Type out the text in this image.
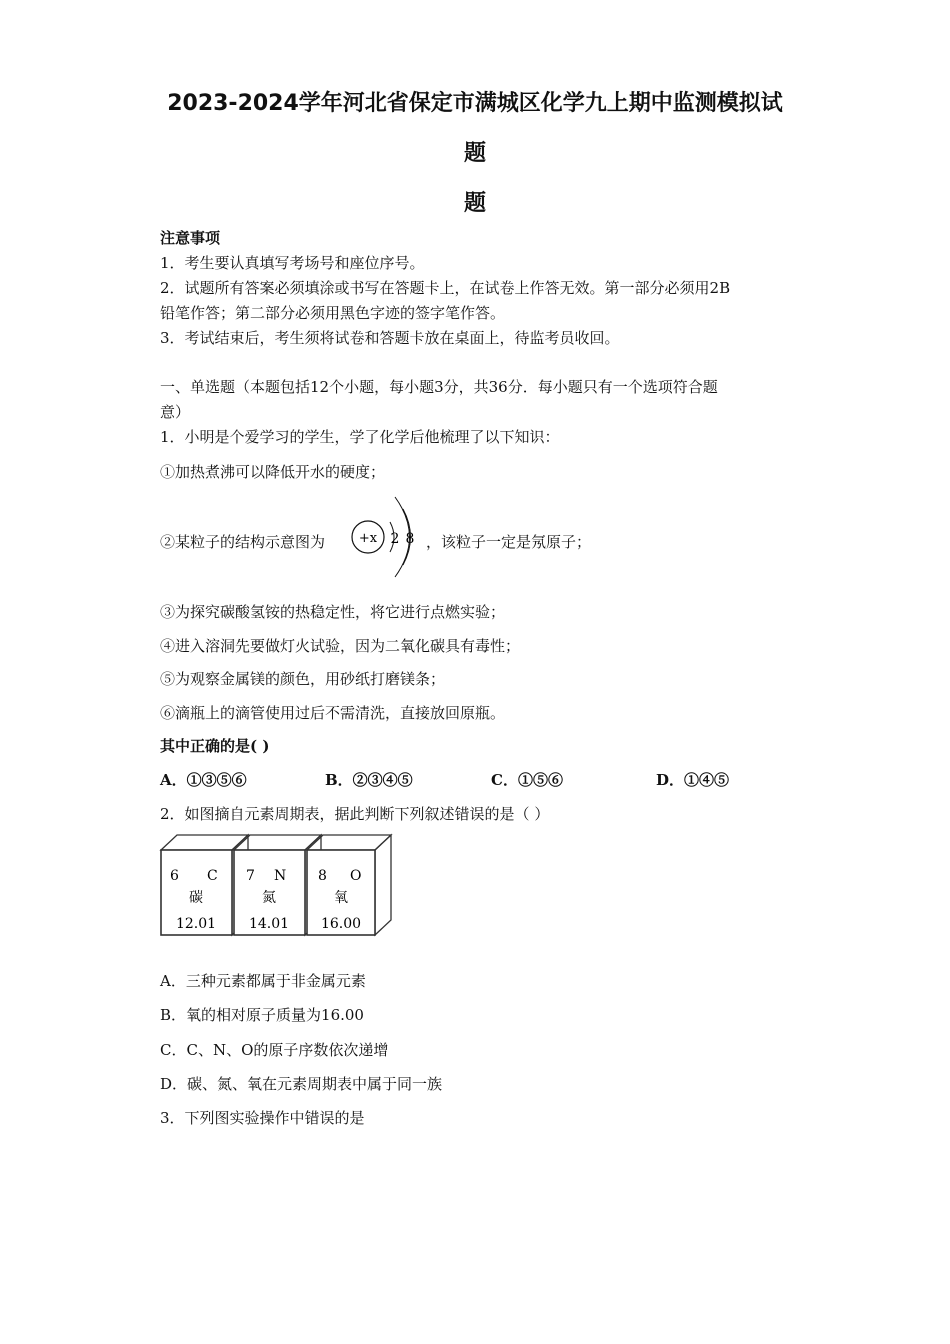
2023-2024学年河北省保定市满城区化学九上期中监测模拟试
题
题
注意事项
1．考生要认真填写考场号和座位序号。
2．试题所有答案必须填涂或书写在答题卡上，在试卷上作答无效。第一部分必须用2B
铅笔作答；第二部分必须用黑色字迹的签字笔作答。
3．考试结束后，考生须将试卷和答题卡放在桌面上，待监考员收回。
一、单选题（本题包括12个小题，每小题3分，共36分．每小题只有一个选项符合题
意）
1．小明是个爱学习的学生，学了化学后他梳理了以下知识：
①加热煮沸可以降低开水的硬度；
②某粒子的结构示意图为	+x 2 8 ，该粒子一定是氖原子；
③为探究碳酸氢铵的热稳定性，将它进行点燃实验；
④进入溶洞先要做灯火试验，因为二氧化碳具有毒性；
⑤为观察金属镁的颜色，用砂纸打磨镁条；
⑥滴瓶上的滴管使用过后不需清洗，直接放回原瓶。
其中正确的是( )
A．①③⑤⑥	B．②③④⑤	C．①⑤⑥	D．①④⑤
2．如图摘自元素周期表，据此判断下列叙述错误的是（ ）
6 C
碳
12.01
7 N
氮
14.01
8 O
氧
16.00
A．三种元素都属于非金属元素
B．氧的相对原子质量为16.00
C．C、N、O的原子序数依次递增
D．碳、氮、氧在元素周期表中属于同一族
3．下列图实验操作中错误的是
